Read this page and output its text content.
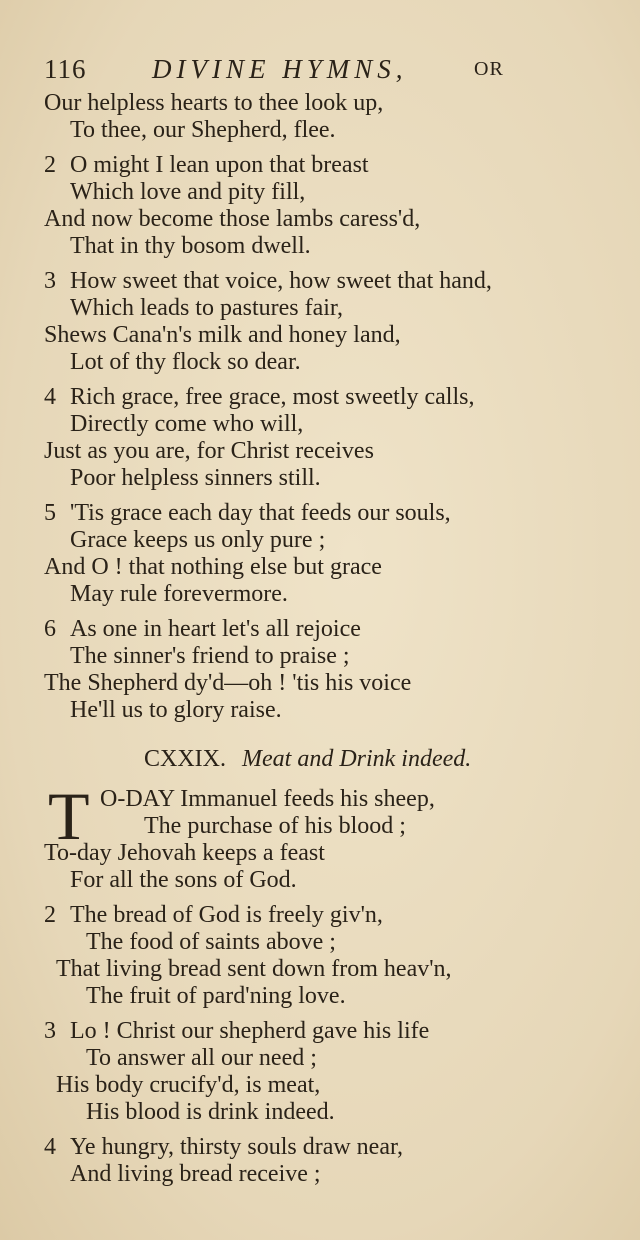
116 DIVINE HYMNS,	OR
Our helpless hearts to thee look up,
To thee, our Shepherd, flee.
2 O might I lean upon that breast
Which love and pity fill,
And now become those lambs caress'd,
That in thy bosom dwell.
3 How sweet that voice, how sweet that hand,
Which leads to pastures fair,
Shews Cana'n's milk and honey land,
Lot of thy flock so dear.
4 Rich grace, free grace, most sweetly calls,
Directly come who will,
Just as you are, for Christ receives
Poor helpless sinners still.
5 'Tis grace each day that feeds our souls,
Grace keeps us only pure ;
And O ! that nothing else but grace
May rule forevermore.
6 As one in heart let's all rejoice
The sinner's friend to praise ;
The Shepherd dy'd—oh ! 'tis his voice
He'll us to glory raise.
CXXIX. Meat and Drink indeed.
T O-DAY Immanuel feeds his sheep,
The purchase of his blood ;
To-day Jehovah keeps a feast
For all the sons of God.
2 The bread of God is freely giv'n,
The food of saints above ;
That living bread sent down from heav'n,
The fruit of pard'ning love.
3 Lo ! Christ our shepherd gave his life
To answer all our need ;
His body crucify'd, is meat,
His blood is drink indeed.
4 Ye hungry, thirsty souls draw near,
And living bread receive ;
